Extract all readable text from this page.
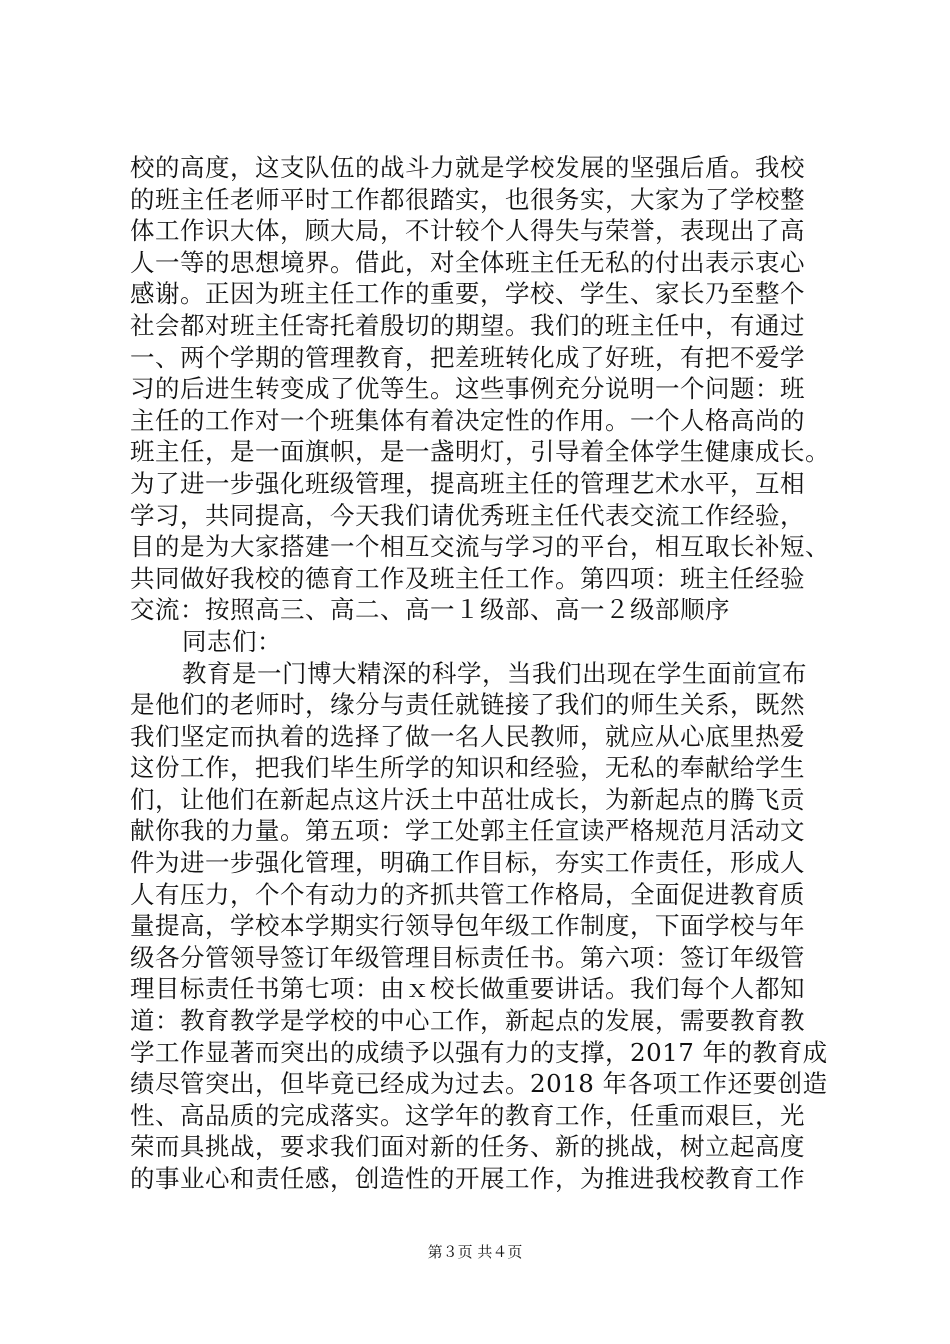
校的高度，这支队伍的战斗力就是学校发展的坚强后盾。我校
的班主任老师平时工作都很踏实，也很务实，大家为了学校整
体工作识大体，顾大局，不计较个人得失与荣誉，表现出了高
人一等的思想境界。借此，对全体班主任无私的付出表示衷心
感谢。正因为班主任工作的重要，学校、学生、家长乃至整个
社会都对班主任寄托着殷切的期望。我们的班主任中，有通过
一、两个学期的管理教育，把差班转化成了好班，有把不爱学
习的后进生转变成了优等生。这些事例充分说明一个问题：班
主任的工作对一个班集体有着决定性的作用。一个人格高尚的
班主任，是一面旗帜，是一盏明灯，引导着全体学生健康成长。
为了进一步强化班级管理，提高班主任的管理艺术水平，互相
学习，共同提高，今天我们请优秀班主任代表交流工作经验，
目的是为大家搭建一个相互交流与学习的平台，相互取长补短、
共同做好我校的德育工作及班主任工作。第四项：班主任经验
交流：按照高三、高二、高一１级部、高一２级部顺序
同志们：
教育是一门博大精深的科学，当我们出现在学生面前宣布
是他们的老师时，缘分与责任就链接了我们的师生关系，既然
我们坚定而执着的选择了做一名人民教师，就应从心底里热爱
这份工作，把我们毕生所学的知识和经验，无私的奉献给学生
们，让他们在新起点这片沃土中茁壮成长，为新起点的腾飞贡
献你我的力量。第五项：学工处郭主任宣读严格规范月活动文
件为进一步强化管理，明确工作目标，夯实工作责任，形成人
人有压力，个个有动力的齐抓共管工作格局，全面促进教育质
量提高，学校本学期实行领导包年级工作制度，下面学校与年
级各分管领导签订年级管理目标责任书。第六项：签订年级管
理目标责任书第七项：由ｘ校长做重要讲话。我们每个人都知
道：教育教学是学校的中心工作，新起点的发展，需要教育教
学工作显著而突出的成绩予以强有力的支撑，2017 年的教育成
绩尽管突出，但毕竟已经成为过去。2018 年各项工作还要创造
性、高品质的完成落实。这学年的教育工作，任重而艰巨，光
荣而具挑战，要求我们面对新的任务、新的挑战，树立起高度
的事业心和责任感，创造性的开展工作，为推进我校教育工作
第３页 共４页
